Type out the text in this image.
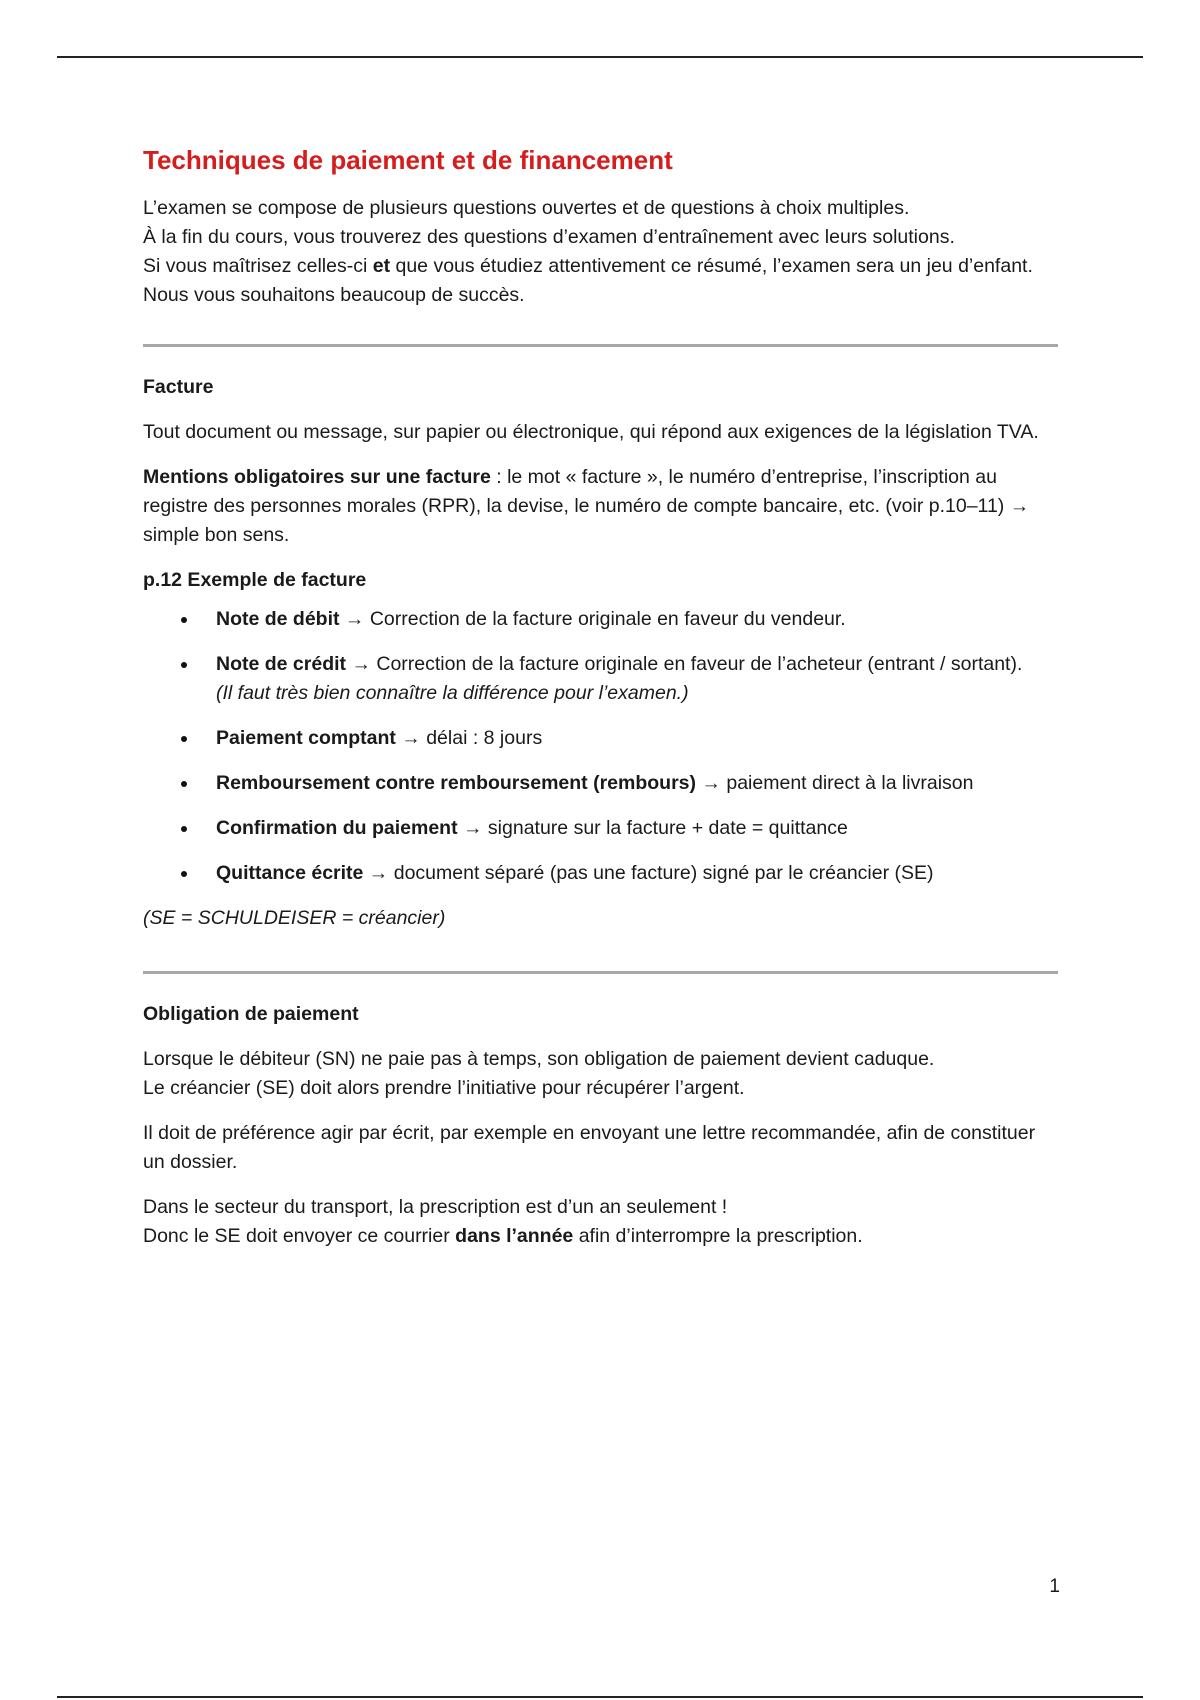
Techniques de paiement et de financement

L’examen se compose de plusieurs questions ouvertes et de questions à choix multiples.

À la fin du cours, vous trouverez des questions d’examen d’entraînement avec leurs solutions.

Si vous maîtrisez celles-ci et que vous étudiez attentivement ce résumé, l’examen sera un jeu d’enfant.

Nous vous souhaitons beaucoup de succès.

Facture

Tout document ou message, sur papier ou électronique, qui répond aux exigences de la législation TVA.

Mentions obligatoires sur une facture : le mot « facture », le numéro d’entreprise, l’inscription au registre des personnes morales (RPR), la devise, le numéro de compte bancaire, etc. (voir p.10–11) → simple bon sens.

p.12 Exemple de facture
Note de débit → Correction de la facture originale en faveur du vendeur.
Note de crédit → Correction de la facture originale en faveur de l’acheteur (entrant / sortant).
(Il faut très bien connaître la différence pour l’examen.)
Paiement comptant → délai : 8 jours
Remboursement contre remboursement (rembours) → paiement direct à la livraison
Confirmation du paiement → signature sur la facture + date = quittance
Quittance écrite → document séparé (pas une facture) signé par le créancier (SE)

(SE = SCHULDEISER = créancier)

Obligation de paiement

Lorsque le débiteur (SN) ne paie pas à temps, son obligation de paiement devient caduque.

Le créancier (SE) doit alors prendre l’initiative pour récupérer l’argent.

Il doit de préférence agir par écrit, par exemple en envoyant une lettre recommandée, afin de constituer un dossier.

Dans le secteur du transport, la prescription est d’un an seulement !

Donc le SE doit envoyer ce courrier dans l’année afin d’interrompre la prescription.

1
